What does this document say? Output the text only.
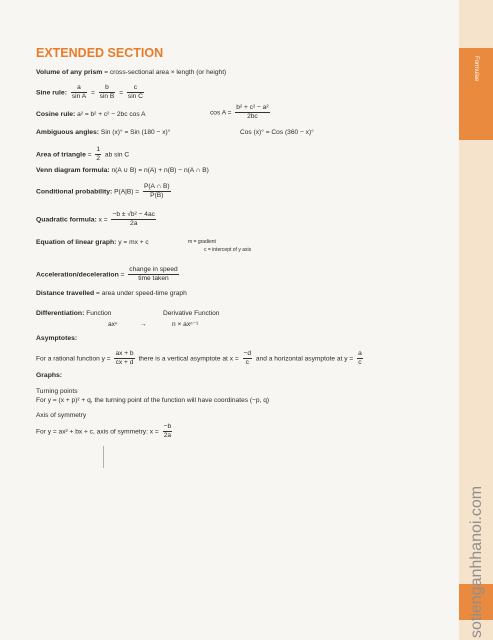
Formulae
sotienganhhanoi.com
EXTENDED SECTION
Volume of any prism = cross-sectional area × length (or height)
Sine rule: $\frac{a}{\text{sin A}} = \frac{b}{\text{sin B}} = \frac{c}{\text{sin C}}$
Cosine rule: a² = b² + c² − 2bc cos A	$\cos A = \frac{\text{b² + c² − a²}}{2bc}$
Ambiguous angles: Sin (x)° = Sin (180 − x)°	Cos (x)° = Cos (360 − x)°
Area of triangle = $\frac{1}{2}$ ab sin C
Venn diagram formula: n(A ∪ B) = n(A) + n(B) − n(A ∩ B)
Conditional probability: $P(A|B) = \frac{P(A \cap B)}{P(B)}$
Quadratic formula: $x = \frac{\text{−b ± √b² − 4ac}}{2a}$
Equation of linear graph: y = mx + c	m = gradient
c = intercept of y axis
Acceleration/deceleration = $\frac{\text{change in speed}}{\text{time taken}}$
Distance travelled = area under speed-time graph
Differentiation: Function	Derivative Function
axⁿ	→	n × axⁿ⁻¹
Asymptotes:
For a rational function $y = \frac{ax + b}{cx + d}$ there is a vertical asymptote at $x = \frac{-d}{c}$ and a horizontal asymptote at $y = \frac{a}{c}$
Graphs:
Turning points
For y = (x + p)² + q, the turning point of the function will have coordinates (−p, q)
Axis of symmetry
For y = ax² + bx + c, axis of symmetry: $x = \frac{-b}{2a}$
